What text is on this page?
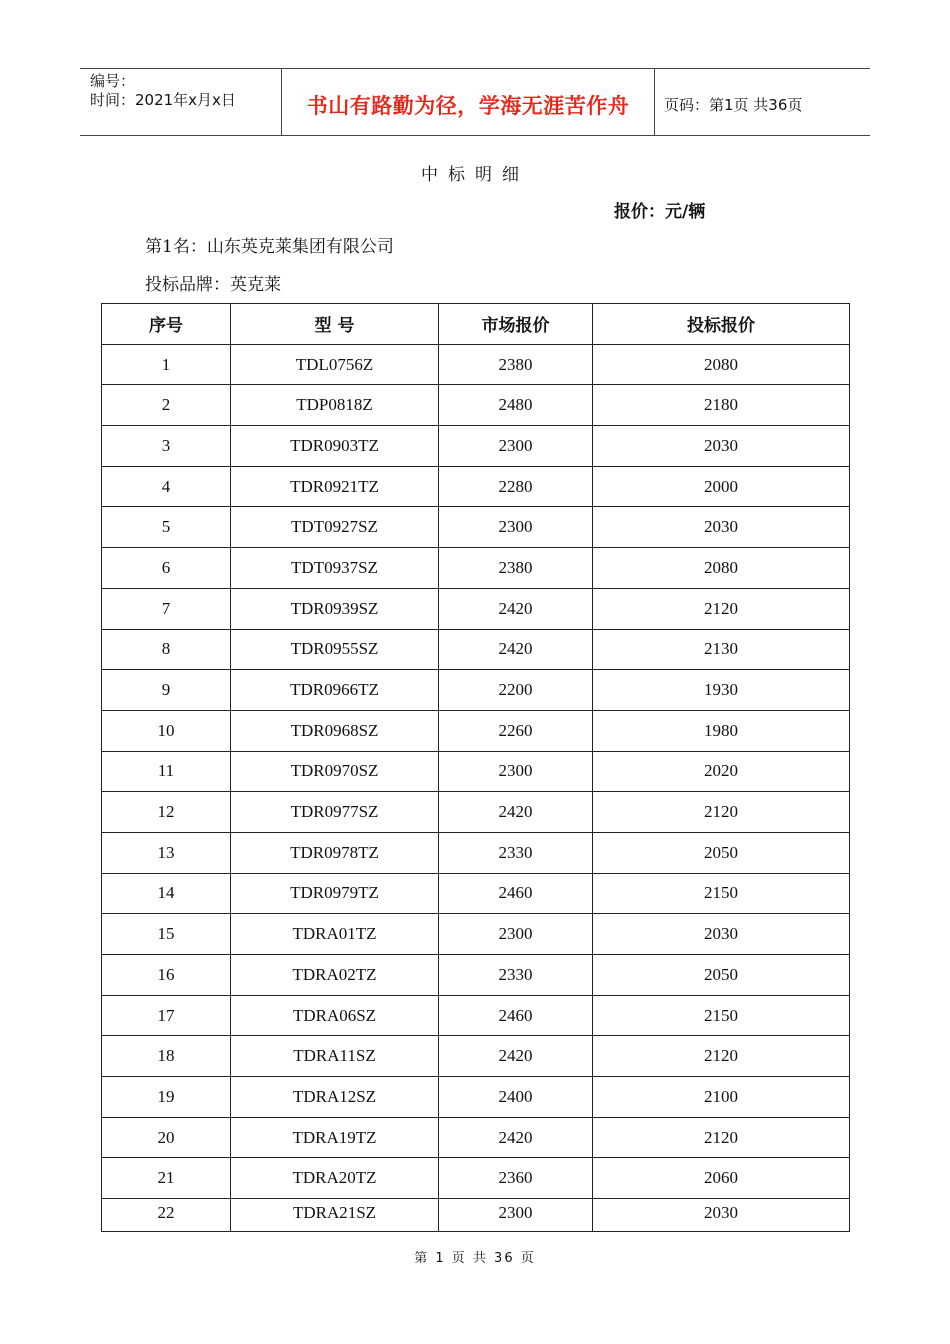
编号：
时间：2021年x月x日	书山有路勤为径，学海无涯苦作舟	页码：第1页 共36页
中标明细
报价：元/辆
第1名：山东英克莱集团有限公司
投标品牌：英克莱
序号	型 号	市场报价	投标报价
1	TDL0756Z	2380	2080
2	TDP0818Z	2480	2180
3	TDR0903TZ	2300	2030
4	TDR0921TZ	2280	2000
5	TDT0927SZ	2300	2030
6	TDT0937SZ	2380	2080
7	TDR0939SZ	2420	2120
8	TDR0955SZ	2420	2130
9	TDR0966TZ	2200	1930
10	TDR0968SZ	2260	1980
11	TDR0970SZ	2300	2020
12	TDR0977SZ	2420	2120
13	TDR0978TZ	2330	2050
14	TDR0979TZ	2460	2150
15	TDRA01TZ	2300	2030
16	TDRA02TZ	2330	2050
17	TDRA06SZ	2460	2150
18	TDRA11SZ	2420	2120
19	TDRA12SZ	2400	2100
20	TDRA19TZ	2420	2120
21	TDRA20TZ	2360	2060
22	TDRA21SZ	2300	2030
第 1 页 共 36 页
